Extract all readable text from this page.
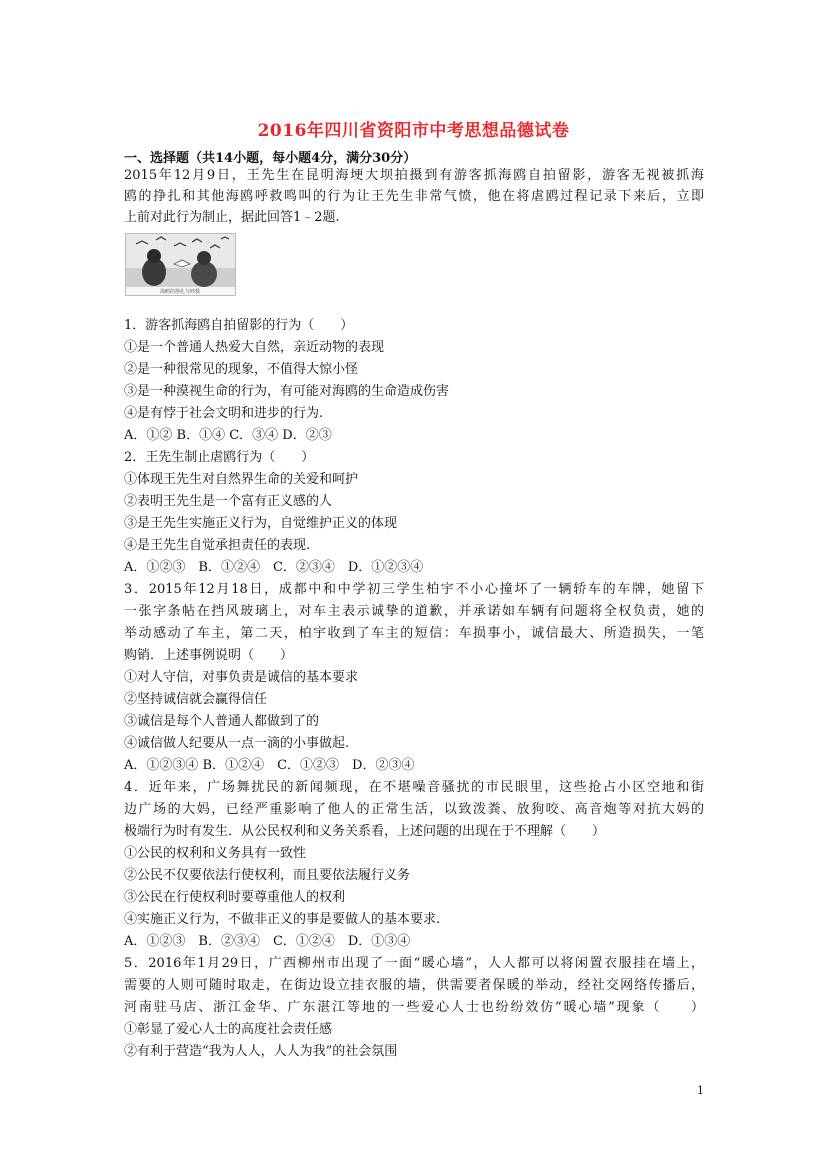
2016年四川省资阳市中考思想品德试卷
一、选择题（共14小题，每小题4分，满分30分）
2015年12月9日，王先生在昆明海埂大坝拍摄到有游客抓海鸥自拍留影，游客无视被抓海
鸥的挣扎和其他海鸥呼救鸣叫的行为让王先生非常气愤，他在将虐鸥过程记录下来后，立即
上前对此行为制止，据此回答1﹣2题.
海鸥的挣扎与呼救
1．游客抓海鸥自拍留影的行为（　　）
①是一个普通人热爱大自然，亲近动物的表现
②是一种很常见的现象，不值得大惊小怪
③是一种漠视生命的行为，有可能对海鸥的生命造成伤害
④是有悖于社会文明和进步的行为.
A．①② B．①④ C．③④ D．②③
2．王先生制止虐鸥行为（　　）
①体现王先生对自然界生命的关爱和呵护
②表明王先生是一个富有正义感的人
③是王先生实施正义行为，自觉维护正义的体现
④是王先生自觉承担责任的表现.
A．①②③　B．①②④　C．②③④　D．①②③④
3．2015年12月18日，成都中和中学初三学生柏宇不小心撞坏了一辆轿车的车牌，她留下
一张字条帖在挡风玻璃上，对车主表示诚挚的道歉，并承诺如车辆有问题将全权负责，她的
举动感动了车主，第二天，柏宇收到了车主的短信：车损事小，诚信最大、所造损失，一笔
购销．上述事例说明（　　）
①对人守信，对事负责是诚信的基本要求
②坚持诚信就会赢得信任
③诚信是每个人普通人都做到了的
④诚信做人纪要从一点一滴的小事做起.
A．①②③④ B．①②④　C．①②③　D．②③④
4．近年来，广场舞扰民的新闻频现，在不堪噪音骚扰的市民眼里，这些抢占小区空地和街
边广场的大妈，已经严重影响了他人的正常生活，以致泼粪、放狗咬、高音炮等对抗大妈的
极端行为时有发生．从公民权利和义务关系看，上述问题的出现在于不理解（　　）
①公民的权利和义务具有一致性
②公民不仅要依法行使权利，而且要依法履行义务
③公民在行使权利时要尊重他人的权利
④实施正义行为，不做非正义的事是要做人的基本要求.
A．①②③　B．②③④　C．①②④　D．①③④
5．2016年1月29日，广西柳州市出现了一面“暖心墙”，人人都可以将闲置衣服挂在墙上，
需要的人则可随时取走，在街边设立挂衣服的墙，供需要者保暖的举动，经社交网络传播后，
河南驻马店、浙江金华、广东湛江等地的一些爱心人士也纷纷效仿“暖心墙”现象（　　）
①彰显了爱心人士的高度社会责任感
②有利于营造“我为人人，人人为我”的社会氛围
1
